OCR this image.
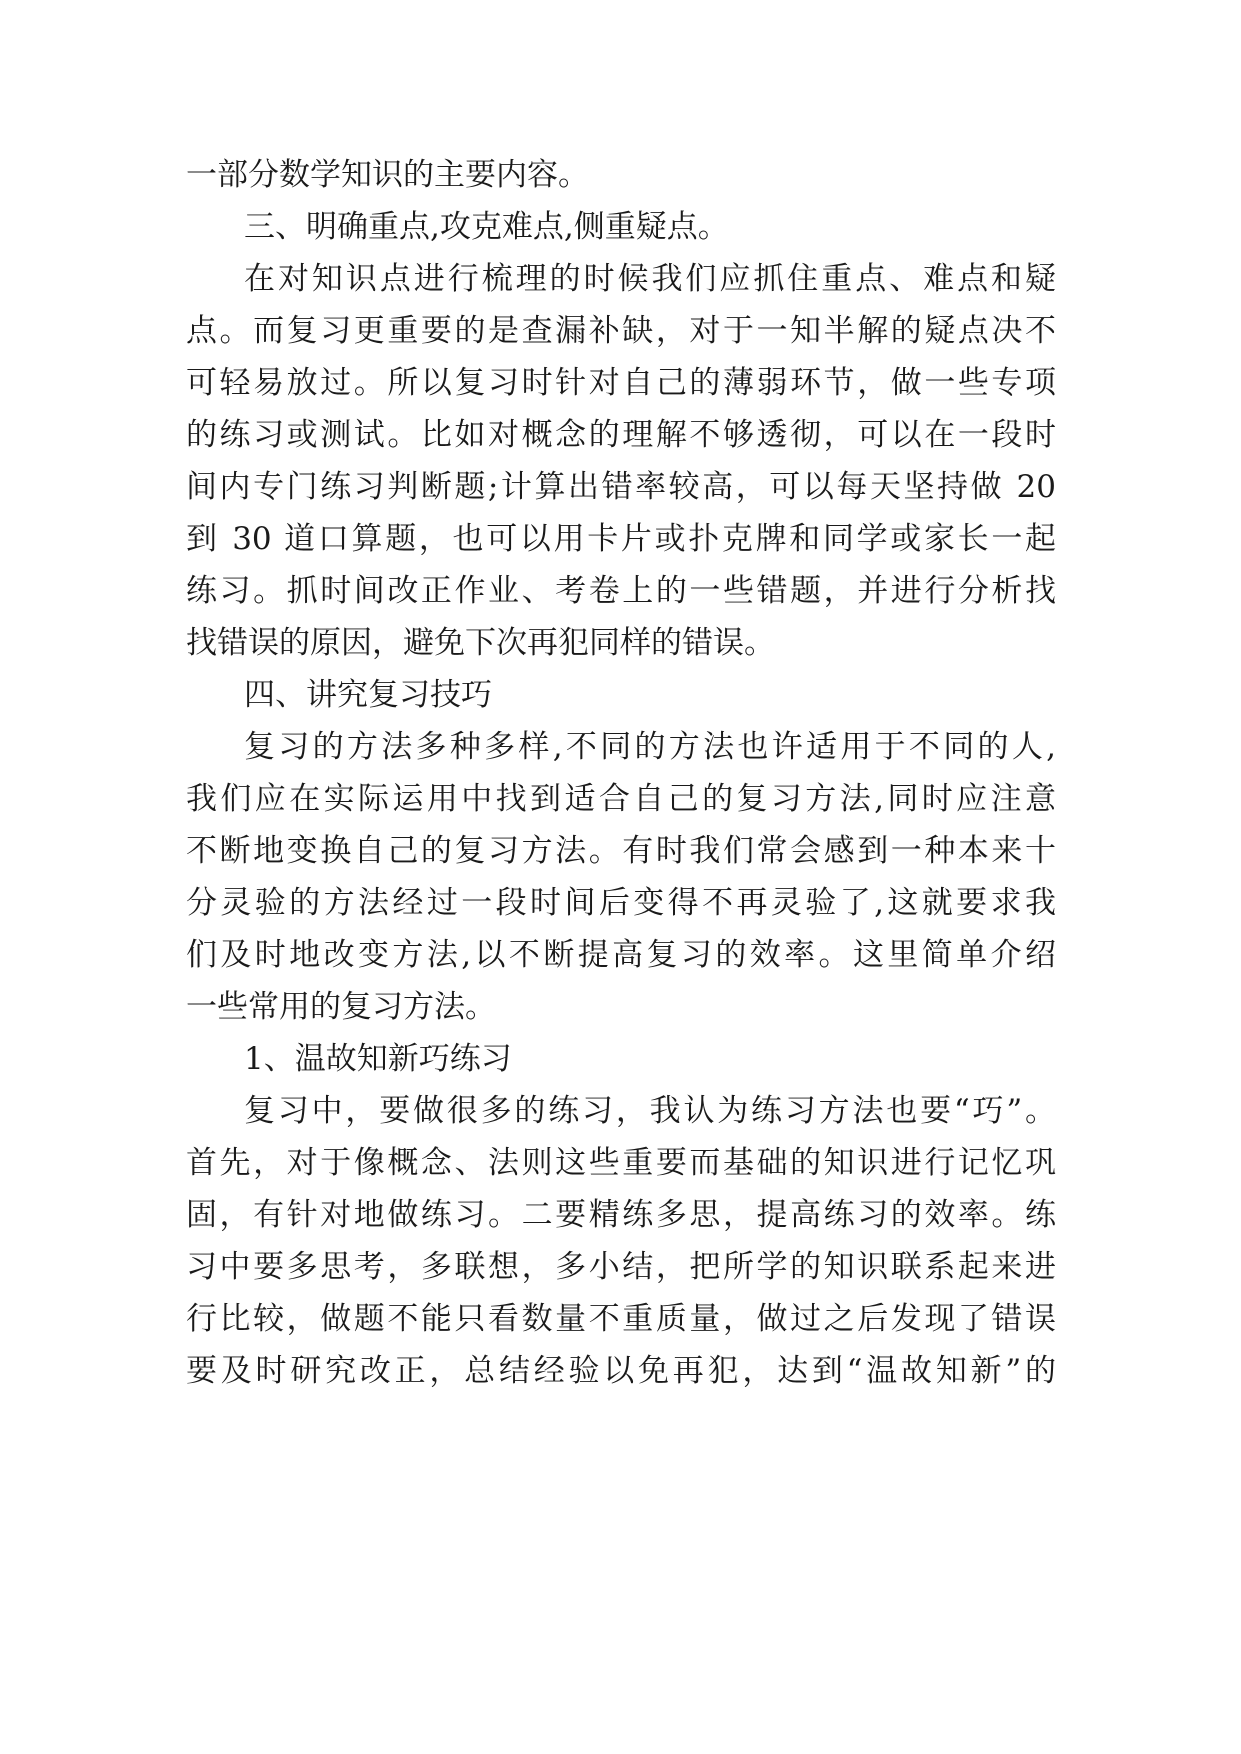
一部分数学知识的主要内容。
三、明确重点,攻克难点,侧重疑点。
在对知识点进行梳理的时候我们应抓住重点、难点和疑
点。而复习更重要的是查漏补缺，对于一知半解的疑点决不
可轻易放过。所以复习时针对自己的薄弱环节，做一些专项
的练习或测试。比如对概念的理解不够透彻，可以在一段时
间内专门练习判断题;计算出错率较高，可以每天坚持做 20
到 30 道口算题，也可以用卡片或扑克牌和同学或家长一起
练习。抓时间改正作业、考卷上的一些错题，并进行分析找
找错误的原因，避免下次再犯同样的错误。
四、讲究复习技巧
复习的方法多种多样,不同的方法也许适用于不同的人,
我们应在实际运用中找到适合自己的复习方法,同时应注意
不断地变换自己的复习方法。有时我们常会感到一种本来十
分灵验的方法经过一段时间后变得不再灵验了,这就要求我
们及时地改变方法,以不断提高复习的效率。这里简单介绍
一些常用的复习方法。
1、温故知新巧练习
复习中，要做很多的练习，我认为练习方法也要“巧”。
首先，对于像概念、法则这些重要而基础的知识进行记忆巩
固，有针对地做练习。二要精练多思，提高练习的效率。练
习中要多思考，多联想，多小结，把所学的知识联系起来进
行比较，做题不能只看数量不重质量，做过之后发现了错误
要及时研究改正，总结经验以免再犯，达到“温故知新”的
